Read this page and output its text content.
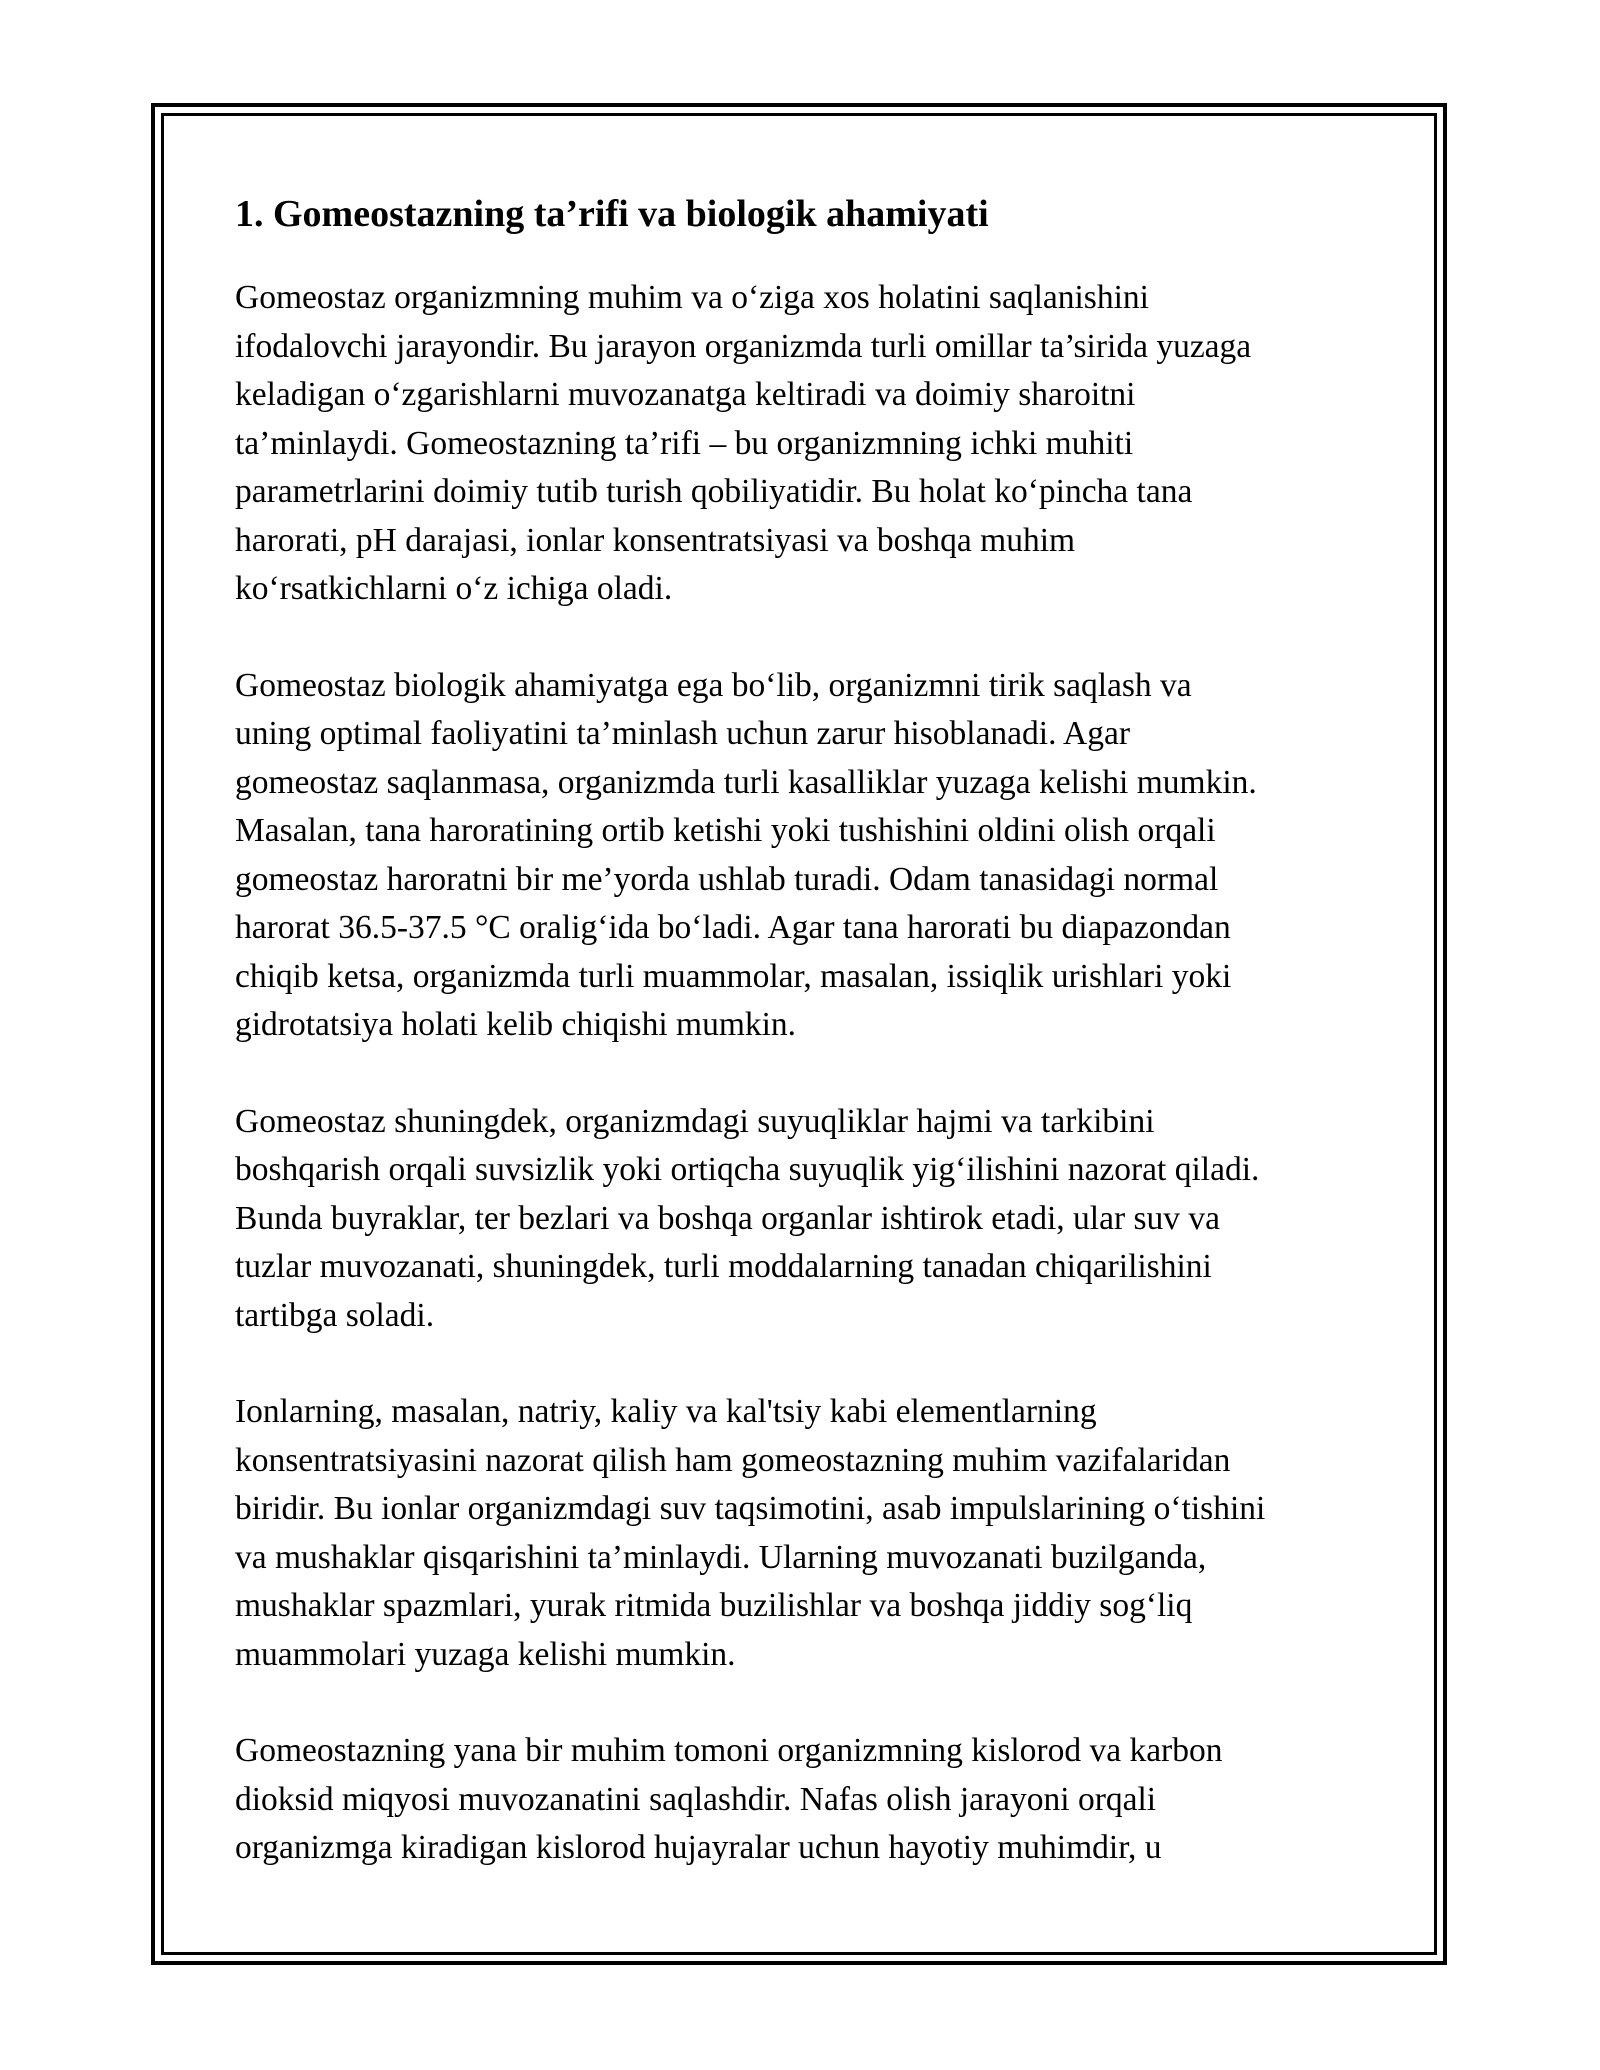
1. Gomeostazning ta’rifi va biologik ahamiyati

Gomeostaz organizmning muhim va o‘ziga xos holatini saqlanishini
ifodalovchi jarayondir. Bu jarayon organizmda turli omillar ta’sirida yuzaga
keladigan o‘zgarishlarni muvozanatga keltiradi va doimiy sharoitni
ta’minlaydi. Gomeostazning ta’rifi – bu organizmning ichki muhiti
parametrlarini doimiy tutib turish qobiliyatidir. Bu holat ko‘pincha tana
harorati, pH darajasi, ionlar konsentratsiyasi va boshqa muhim
ko‘rsatkichlarni o‘z ichiga oladi.

Gomeostaz biologik ahamiyatga ega bo‘lib, organizmni tirik saqlash va
uning optimal faoliyatini ta’minlash uchun zarur hisoblanadi. Agar
gomeostaz saqlanmasa, organizmda turli kasalliklar yuzaga kelishi mumkin.
Masalan, tana haroratining ortib ketishi yoki tushishini oldini olish orqali
gomeostaz haroratni bir me’yorda ushlab turadi. Odam tanasidagi normal
harorat 36.5-37.5 °C oralig‘ida bo‘ladi. Agar tana harorati bu diapazondan
chiqib ketsa, organizmda turli muammolar, masalan, issiqlik urishlari yoki
gidrotatsiya holati kelib chiqishi mumkin.

Gomeostaz shuningdek, organizmdagi suyuqliklar hajmi va tarkibini
boshqarish orqali suvsizlik yoki ortiqcha suyuqlik yig‘ilishini nazorat qiladi.
Bunda buyraklar, ter bezlari va boshqa organlar ishtirok etadi, ular suv va
tuzlar muvozanati, shuningdek, turli moddalarning tanadan chiqarilishini
tartibga soladi.

Ionlarning, masalan, natriy, kaliy va kal'tsiy kabi elementlarning
konsentratsiyasini nazorat qilish ham gomeostazning muhim vazifalaridan
biridir. Bu ionlar organizmdagi suv taqsimotini, asab impulslarining o‘tishini
va mushaklar qisqarishini ta’minlaydi. Ularning muvozanati buzilganda,
mushaklar spazmlari, yurak ritmida buzilishlar va boshqa jiddiy sog‘liq
muammolari yuzaga kelishi mumkin.

Gomeostazning yana bir muhim tomoni organizmning kislorod va karbon
dioksid miqyosi muvozanatini saqlashdir. Nafas olish jarayoni orqali
organizmga kiradigan kislorod hujayralar uchun hayotiy muhimdir, u
